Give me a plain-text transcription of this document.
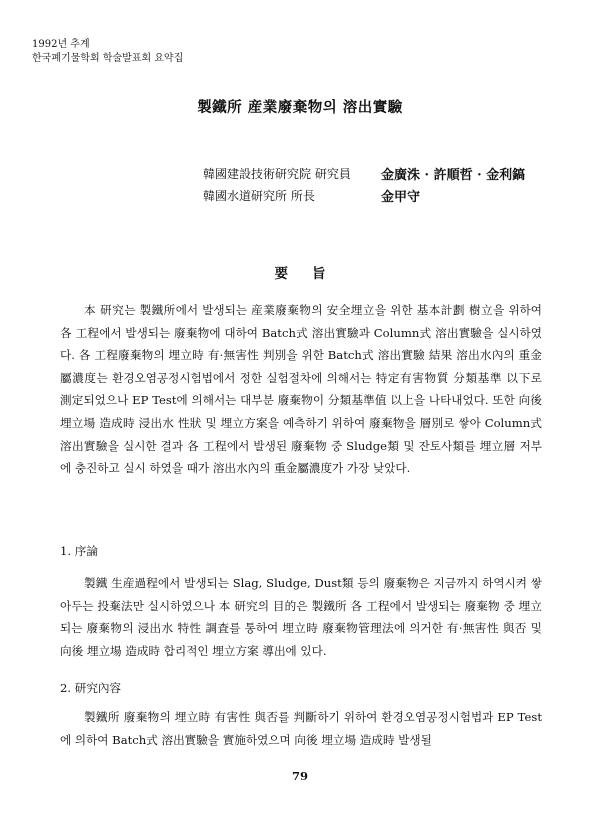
1992년 추계
한국폐기물학회 학술발표회 요약집
製鐵所 産業廢棄物의 溶出實驗
韓國建設技術研究院 研究員	金廣洙 · 許順哲 · 金利鎬
韓國水道研究所 所長	金甲守
要旨
本 研究는 製鐵所에서 발생되는 産業廢棄物의 安全埋立을 위한 基本計劃 樹立을 위하여 各 工程에서 발생되는 廢棄物에 대하여 Batch式 溶出實驗과 Column式 溶出實驗을 실시하였다. 各 工程廢棄物의 埋立時 有·無害性 判別을 위한 Batch式 溶出實驗 結果 溶出水內의 重金屬濃度는 환경오염공정시험법에서 정한 실험절차에 의해서는 特定有害物質 分類基準 以下로 測定되었으나 EP Test에 의해서는 대부분 廢棄物이 分類基準值 以上을 나타내었다. 또한 向後 埋立場 造成時 浸出水 性狀 및 埋立方案을 예측하기 위하여 廢棄物을 層別로 쌓아 Column式 溶出實驗을 실시한 결과 各 工程에서 발생된 廢棄物 중 Sludge類 및 잔토사類를 埋立層 저부에 충진하고 실시 하였을 때가 溶出水內의 重金屬濃度가 가장 낮았다.
1. 序論
製鐵 生産過程에서 발생되는 Slag, Sludge, Dust類 등의 廢棄物은 지금까지 하역시켜 쌓아두는 投棄法만 실시하였으나 本 研究의 目的은 製鐵所 各 工程에서 발생되는 廢棄物 중 埋立되는 廢棄物의 浸出水 特性 調査를 통하여 埋立時 廢棄物管理法에 의거한 有·無害性 與否 및 向後 埋立場 造成時 합리적인 埋立方案 導出에 있다.
2. 研究內容
製鐵所 廢棄物의 埋立時 有害性 與否를 判斷하기 위하여 환경오염공정시험법과 EP Test에 의하여 Batch式 溶出實驗을 實施하였으며 向後 埋立場 造成時 발생될
79
